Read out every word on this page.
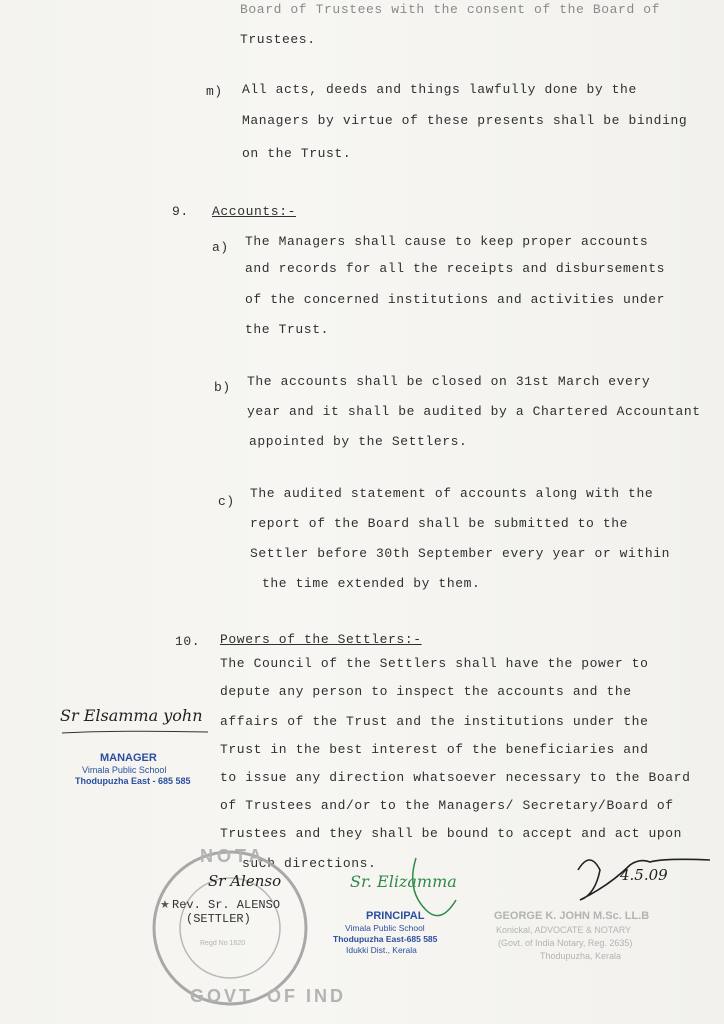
Board of Trustees with the consent of the Board of
Trustees.
m) All acts, deeds and things lawfully done by the
Managers by virtue of these presents shall be binding
on the Trust.
9. Accounts:-
a) The Managers shall cause to keep proper accounts
and records for all the receipts and disbursements
of the concerned institutions and activities under
the Trust.
b) The accounts shall be closed on 31st March every
year and it shall be audited by a Chartered Accountant
appointed by the Settlers.
c)
The audited statement of accounts along with the
report of the Board shall be submitted to the
Settler before 30th September every year or within
the time extended by them.
10. Powers of the Settlers:-
The Council of the Settlers shall have the power to
depute any person to inspect the accounts and the
affairs of the Trust and the institutions under the
Trust in the best interest of the beneficiaries and
to issue any direction whatsoever necessary to the Board
of Trustees and/or to the Managers/ Secretary/Board of
Trustees and they shall be bound to accept and act upon
such directions.
Sr Elsamma yohn
MANAGER
Vimala Public School
Thodupuzha East - 685 585
NOTA
GOVT. OF IND
Regd No 1620
Sr Alenso
★ Rev. Sr. ALENSO
(SETTLER)
Sr. Elizamma
PRINCIPAL
Vimala Public School
Thodupuzha East-685 585
Idukki Dist., Kerala
4.5.09
GEORGE K. JOHN M.Sc. LL.B
Konickal, ADVOCATE & NOTARY
(Govt. of India Notary, Reg. 2635)
Thodupuzha, Kerala
